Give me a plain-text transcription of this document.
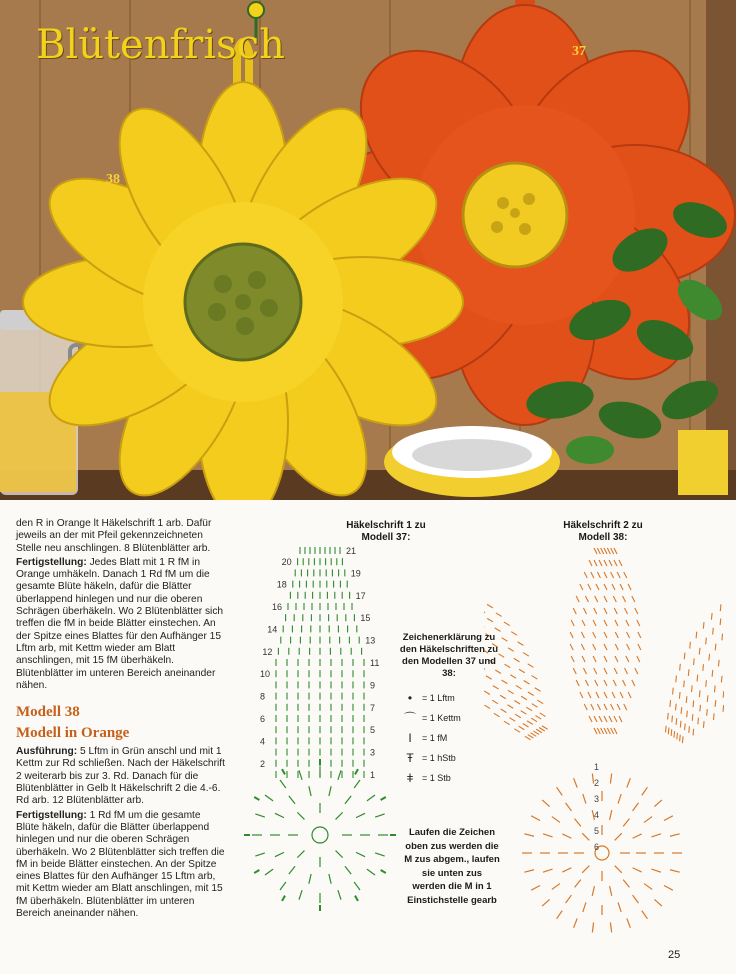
Blütenfrisch
38
37

den R in Orange lt Häkelschrift 1 arb. Dafür jeweils an der mit Pfeil gekennzeichneten Stelle neu anschlingen. 8 Blütenblätter arb.

Fertigstellung: Jedes Blatt mit 1 R fM in Orange umhäkeln. Danach 1 Rd fM um die gesamte Blüte häkeln, dafür die Blätter überlappend hinlegen und nur die oberen Schrägen überhäkeln. Wo 2 Blütenblätter sich treffen die fM in beide Blätter einstechen. An der Spitze eines Blattes für den Aufhänger 15 Lftm arb, mit Kettm wieder am Blatt anschlingen, mit 15 fM überhäkeln. Blütenblätter im unteren Bereich aneinander nähen.

Modell 38
Modell in Orange

Ausführung: 5 Lftm in Grün anschl und mit 1 Kettm zur Rd schließen. Nach der Häkelschrift 2 weiterarb bis zur 3. Rd. Danach für die Blütenblätter in Gelb lt Häkelschrift 2 die 4.-6. Rd arb. 12 Blütenblätter arb.

Fertigstellung: 1 Rd fM um die gesamte Blüte häkeln, dafür die Blätter überlappend hinlegen und nur die oberen Schrägen überhäkeln. Wo 2 Blütenblätter sich treffen die fM in beide Blätter einstechen. An der Spitze eines Blattes für den Aufhänger 15 Lftm arb, mit Kettm wieder am Blatt anschlingen, mit 15 fM überhäkeln. Blütenblätter im unteren Bereich aneinander nähen.

Häkelschrift 1 zu Modell 37:
21
20
19
18
17
16
15
14
13
12
11
10
9
8
7
6
5
4
3
2
1
Häkelschrift 2 zu Modell 38:
6
5
4
3
2
1
Zeichenerklärung zu den Häkelschriften zu den Modellen 37 und 38:
•	= 1 Lftm
⌒ = 1 Kettm
I	= 1 fM
Ŧ = 1 hStb
ǂ = 1 Stb
Laufen die Zeichen oben zus werden die M zus abgem., laufen sie unten zus werden die M in 1 Einstichstelle gearb
25
